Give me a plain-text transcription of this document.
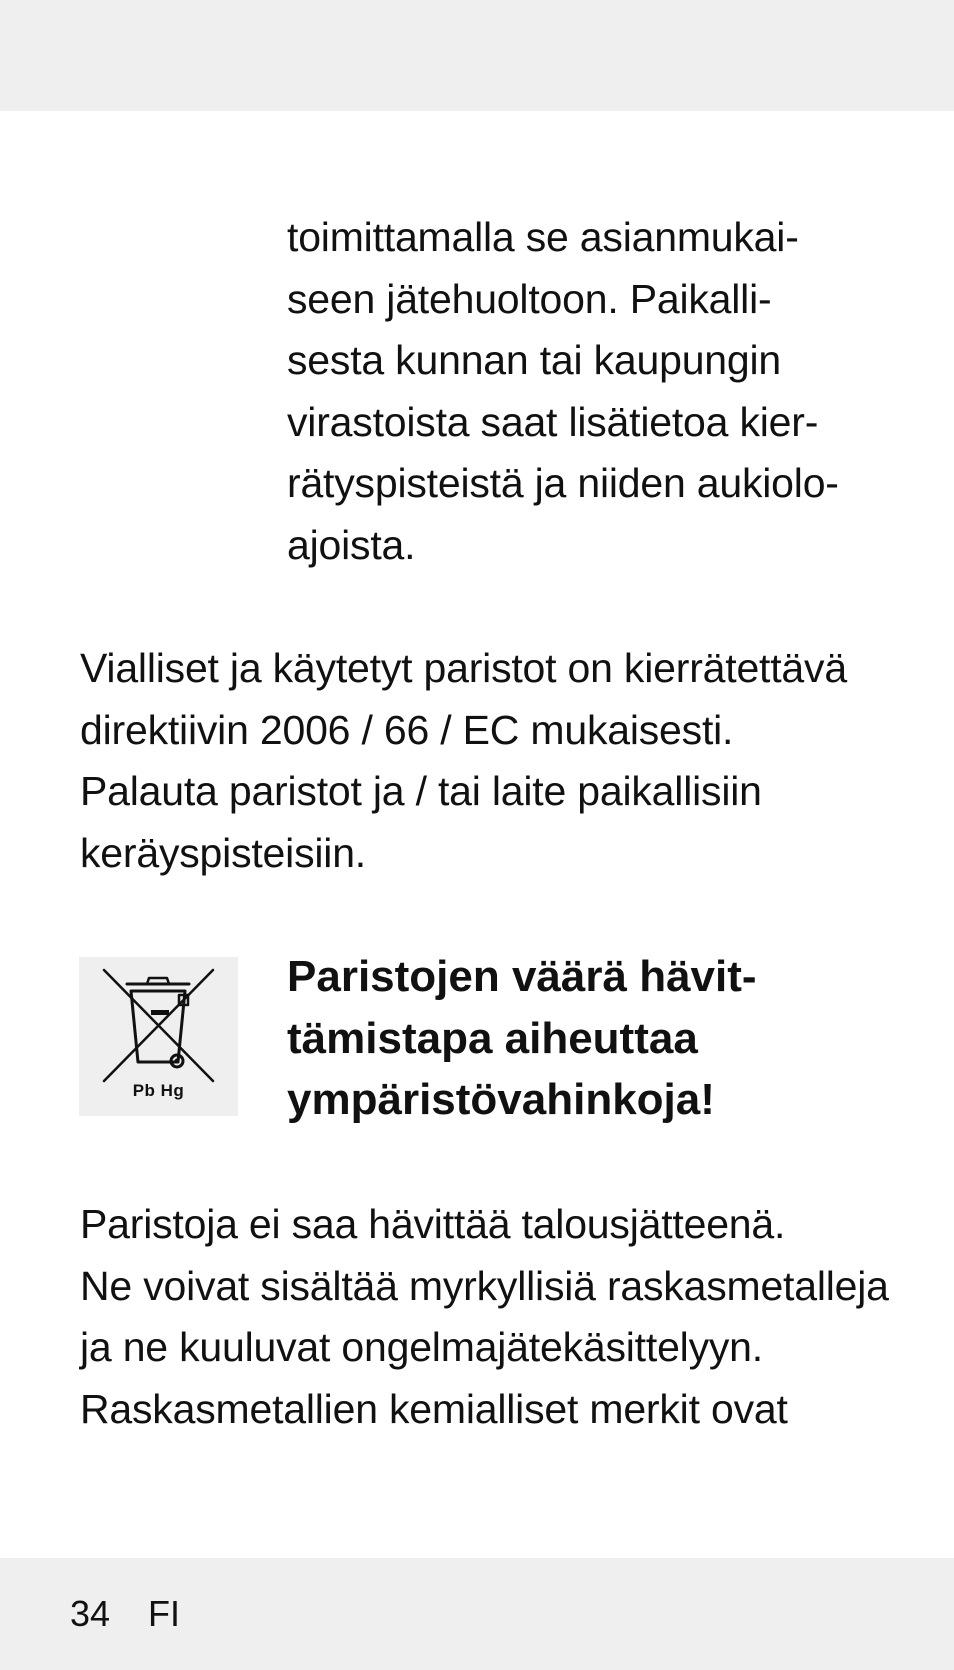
toimittamalla se asianmukai-
seen jätehuoltoon. Paikalli-
sesta kunnan tai kaupungin
virastoista saat lisätietoa kier-
rätyspisteistä ja niiden aukiolo-
ajoista.
Vialliset ja käytetyt paristot on kierrätettävä
direktiivin 2006 / 66 / EC mukaisesti.
Palauta paristot ja / tai laite paikallisiin
keräyspisteisiin.
Pb Hg
Paristojen väärä hävit-
tämistapa aiheuttaa
ympäristövahinkoja!
Paristoja ei saa hävittää talousjätteenä.
Ne voivat sisältää myrkyllisiä raskasmetalleja
ja ne kuuluvat ongelmajätekäsittelyyn.
Raskasmetallien kemialliset merkit ovat
34 FI
